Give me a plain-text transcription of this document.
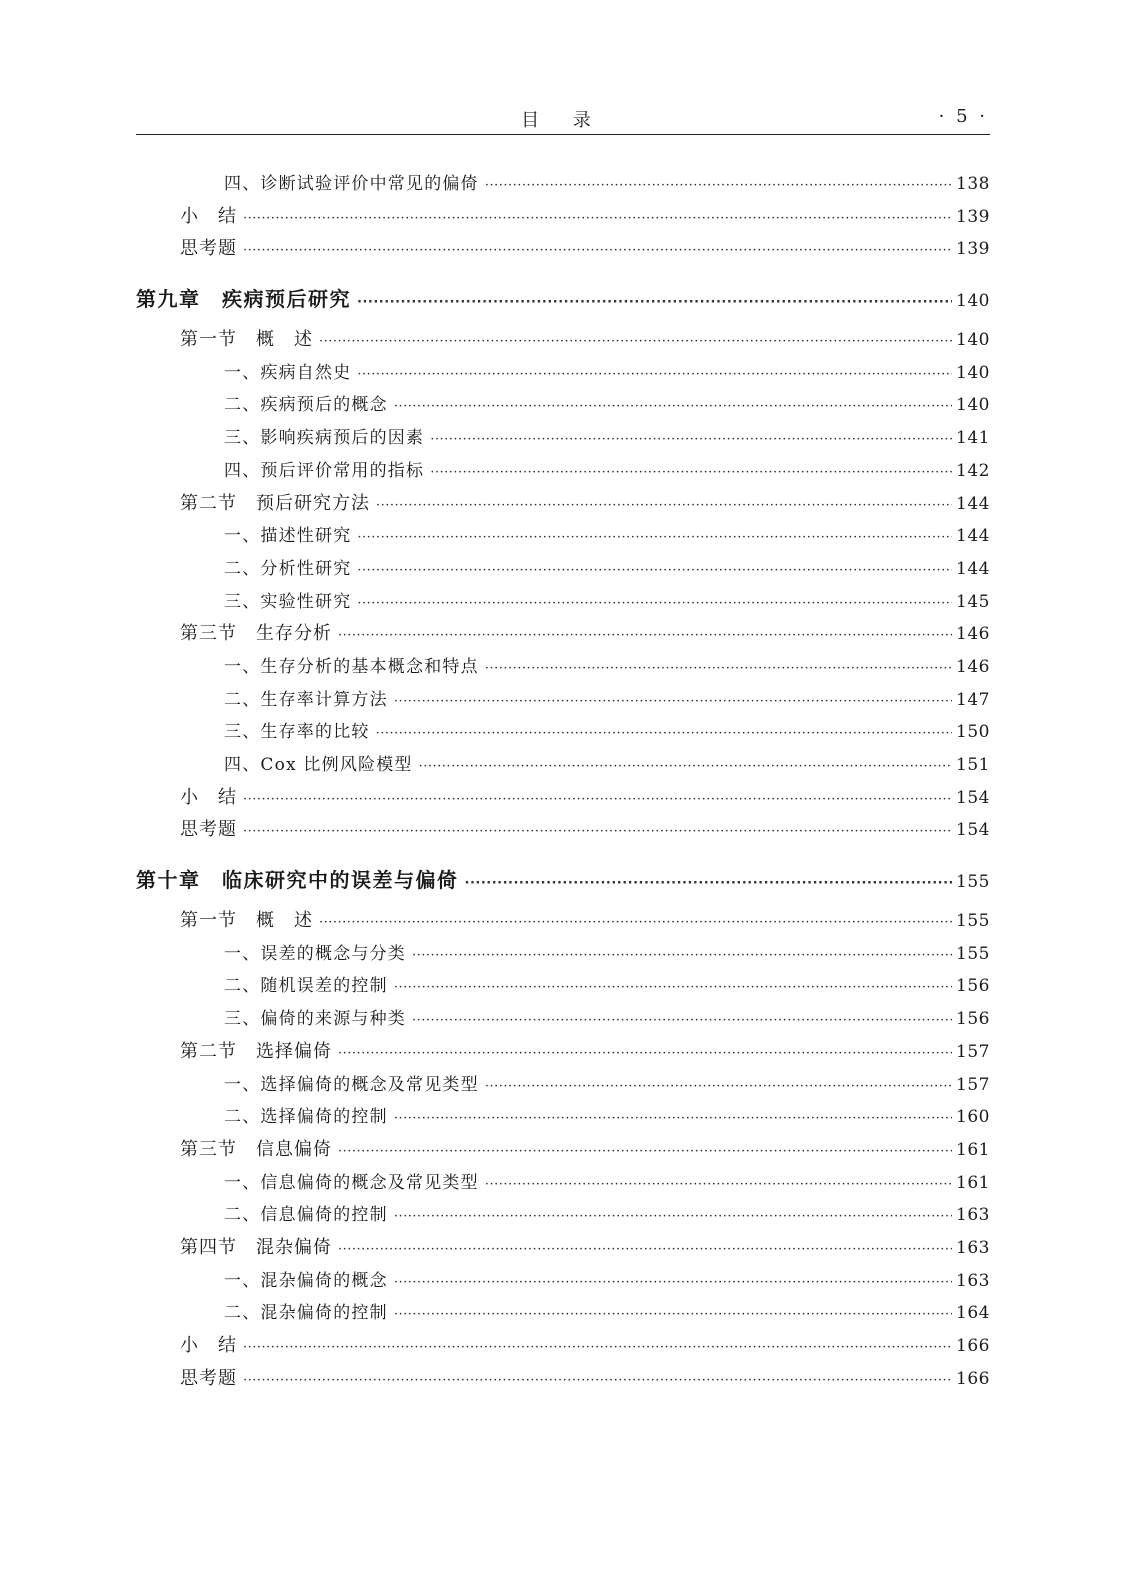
目 录	· 5 ·
四、诊断试验评价中常见的偏倚 ·····	138
小　结 ·····	139
思考题 ·····	139
第九章　疾病预后研究 ·····	140
第一节　概　述 ·····	140
一、疾病自然史 ·····	140
二、疾病预后的概念 ·····	140
三、影响疾病预后的因素 ·····	141
四、预后评价常用的指标 ·····	142
第二节　预后研究方法 ·····	144
一、描述性研究 ·····	144
二、分析性研究 ·····	144
三、实验性研究 ·····	145
第三节　生存分析 ·····	146
一、生存分析的基本概念和特点 ·····	146
二、生存率计算方法 ·····	147
三、生存率的比较 ·····	150
四、Cox 比例风险模型 ·····	151
小　结 ·····	154
思考题 ·····	154
第十章　临床研究中的误差与偏倚 ·····	155
第一节　概　述 ·····	155
一、误差的概念与分类 ·····	155
二、随机误差的控制 ·····	156
三、偏倚的来源与种类 ·····	156
第二节　选择偏倚 ·····	157
一、选择偏倚的概念及常见类型 ·····	157
二、选择偏倚的控制 ·····	160
第三节　信息偏倚 ·····	161
一、信息偏倚的概念及常见类型 ·····	161
二、信息偏倚的控制 ·····	163
第四节　混杂偏倚 ·····	163
一、混杂偏倚的概念 ·····	163
二、混杂偏倚的控制 ·····	164
小　结 ·····	166
思考题 ·····	166
